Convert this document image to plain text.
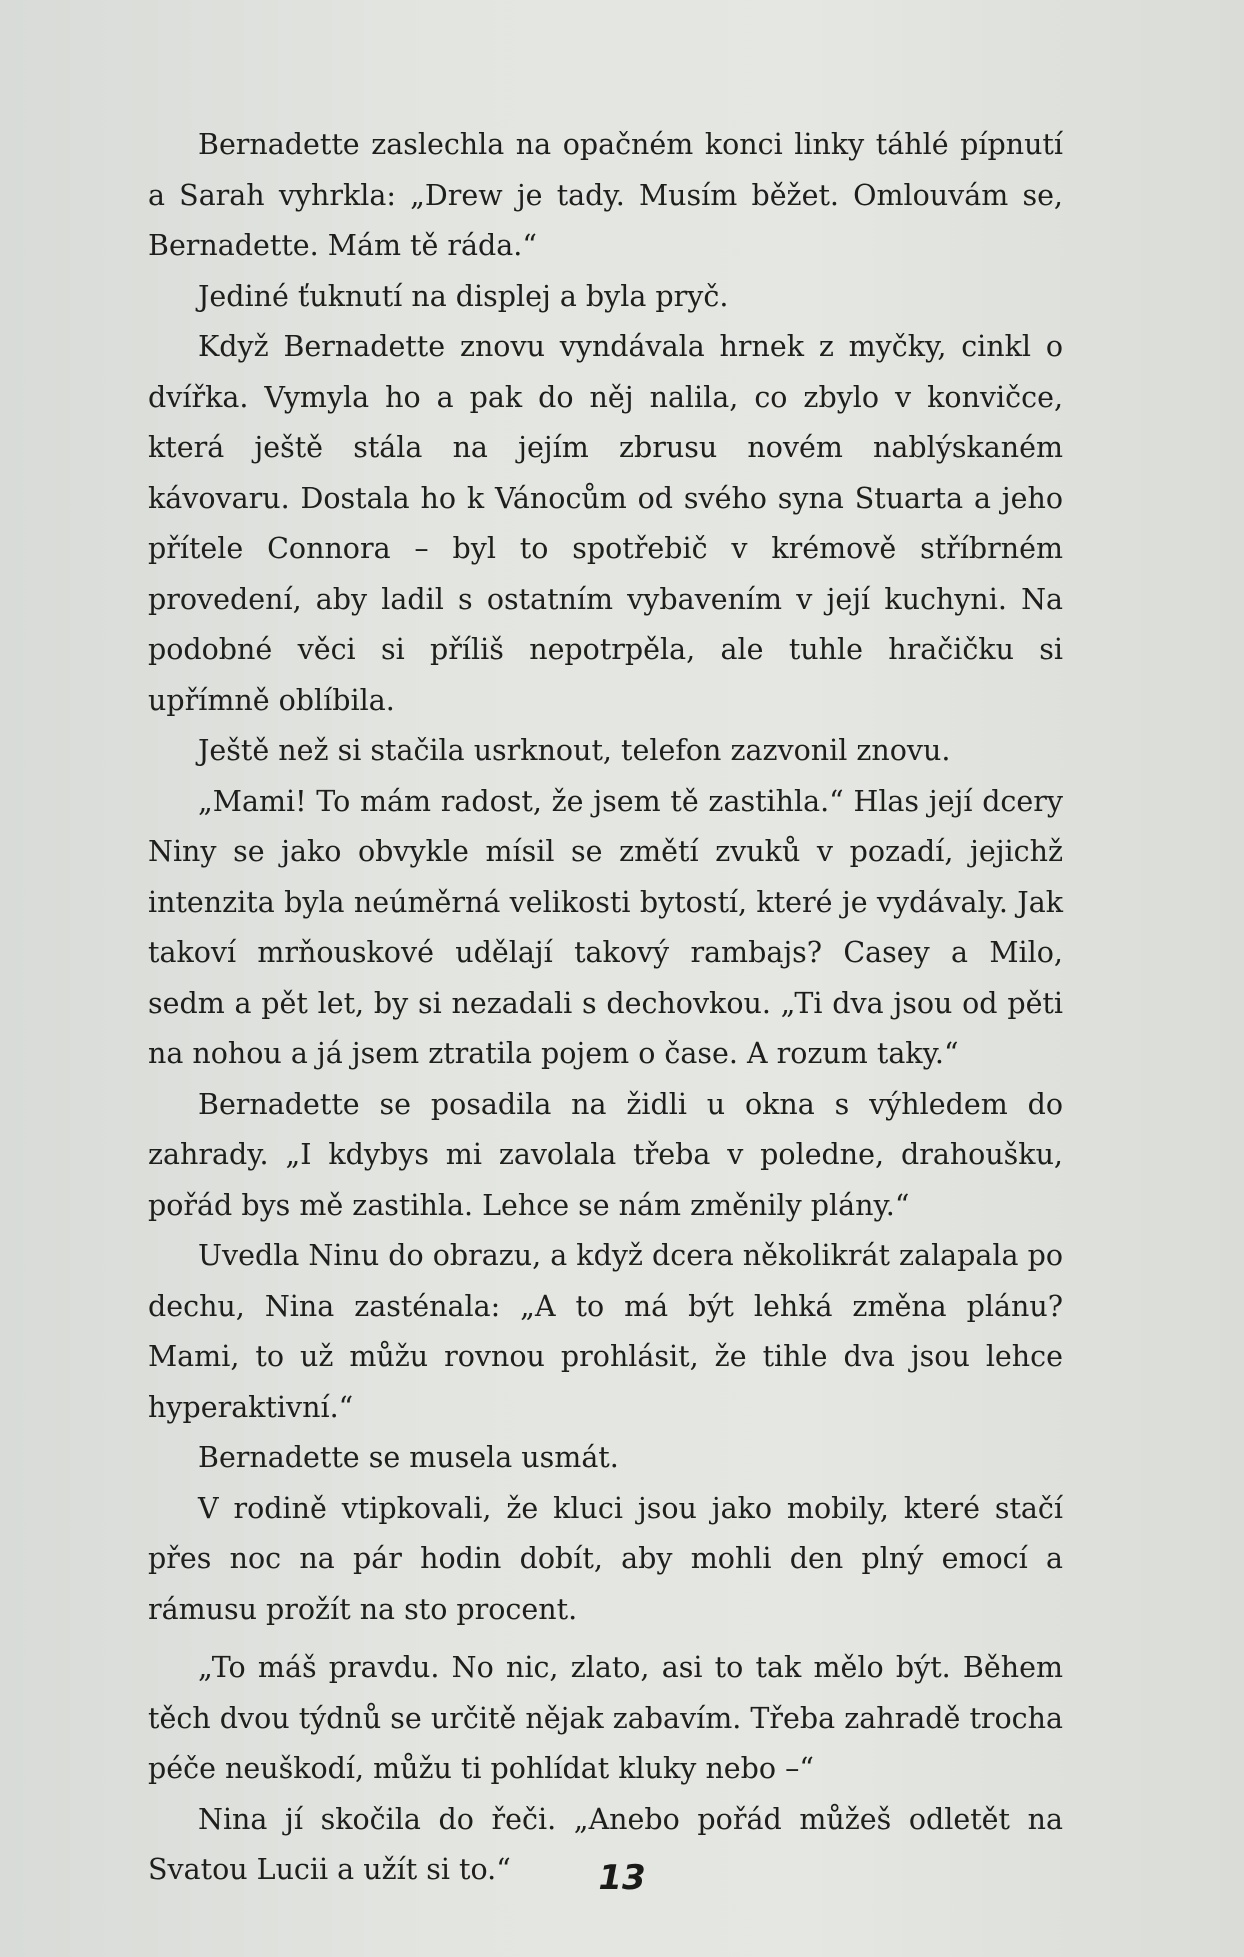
Bernadette zaslechla na opačném konci linky táhlé pípnutí a Sarah vyhrkla: „Drew je tady. Musím běžet. Omlouvám se, Bernadette. Mám tě ráda.“

Jediné ťuknutí na displej a byla pryč.

Když Bernadette znovu vyndávala hrnek z myčky, cinkl o dvířka. Vymyla ho a pak do něj nalila, co zbylo v konvičce, která ještě stála na jejím zbrusu novém nablýskaném kávovaru. Dostala ho k Vánocům od svého syna Stuarta a jeho přítele Connora – byl to spotřebič v krémově stříbrném provedení, aby ladil s ostatním vybavením v její kuchyni. Na podobné věci si příliš nepotrpěla, ale tuhle hračičku si upřímně oblíbila.

Ještě než si stačila usrknout, telefon zazvonil znovu.

„Mami! To mám radost, že jsem tě zastihla.“ Hlas její dcery Niny se jako obvykle mísil se změtí zvuků v pozadí, jejichž intenzita byla neúměrná velikosti bytostí, které je vydávaly. Jak takoví mrňouskové udělají takový rambajs? Casey a Milo, sedm a pět let, by si nezadali s dechovkou. „Ti dva jsou od pěti na nohou a já jsem ztratila pojem o čase. A rozum taky.“

Bernadette se posadila na židli u okna s výhledem do zahrady. „I kdybys mi zavolala třeba v poledne, drahoušku, pořád bys mě zastihla. Lehce se nám změnily plány.“

Uvedla Ninu do obrazu, a když dcera několikrát zalapala po dechu, Nina zasténala: „A to má být lehká změna plánu? Mami, to už můžu rovnou prohlásit, že tihle dva jsou lehce hyperaktivní.“

Bernadette se musela usmát.

V rodině vtipkovali, že kluci jsou jako mobily, které stačí přes noc na pár hodin dobít, aby mohli den plný emocí a rámusu prožít na sto procent.

„To máš pravdu. No nic, zlato, asi to tak mělo být. Během těch dvou týdnů se určitě nějak zabavím. Třeba zahradě trocha péče neuškodí, můžu ti pohlídat kluky nebo –“

Nina jí skočila do řeči. „Anebo pořád můžeš odletět na Svatou Lucii a užít si to.“	13
